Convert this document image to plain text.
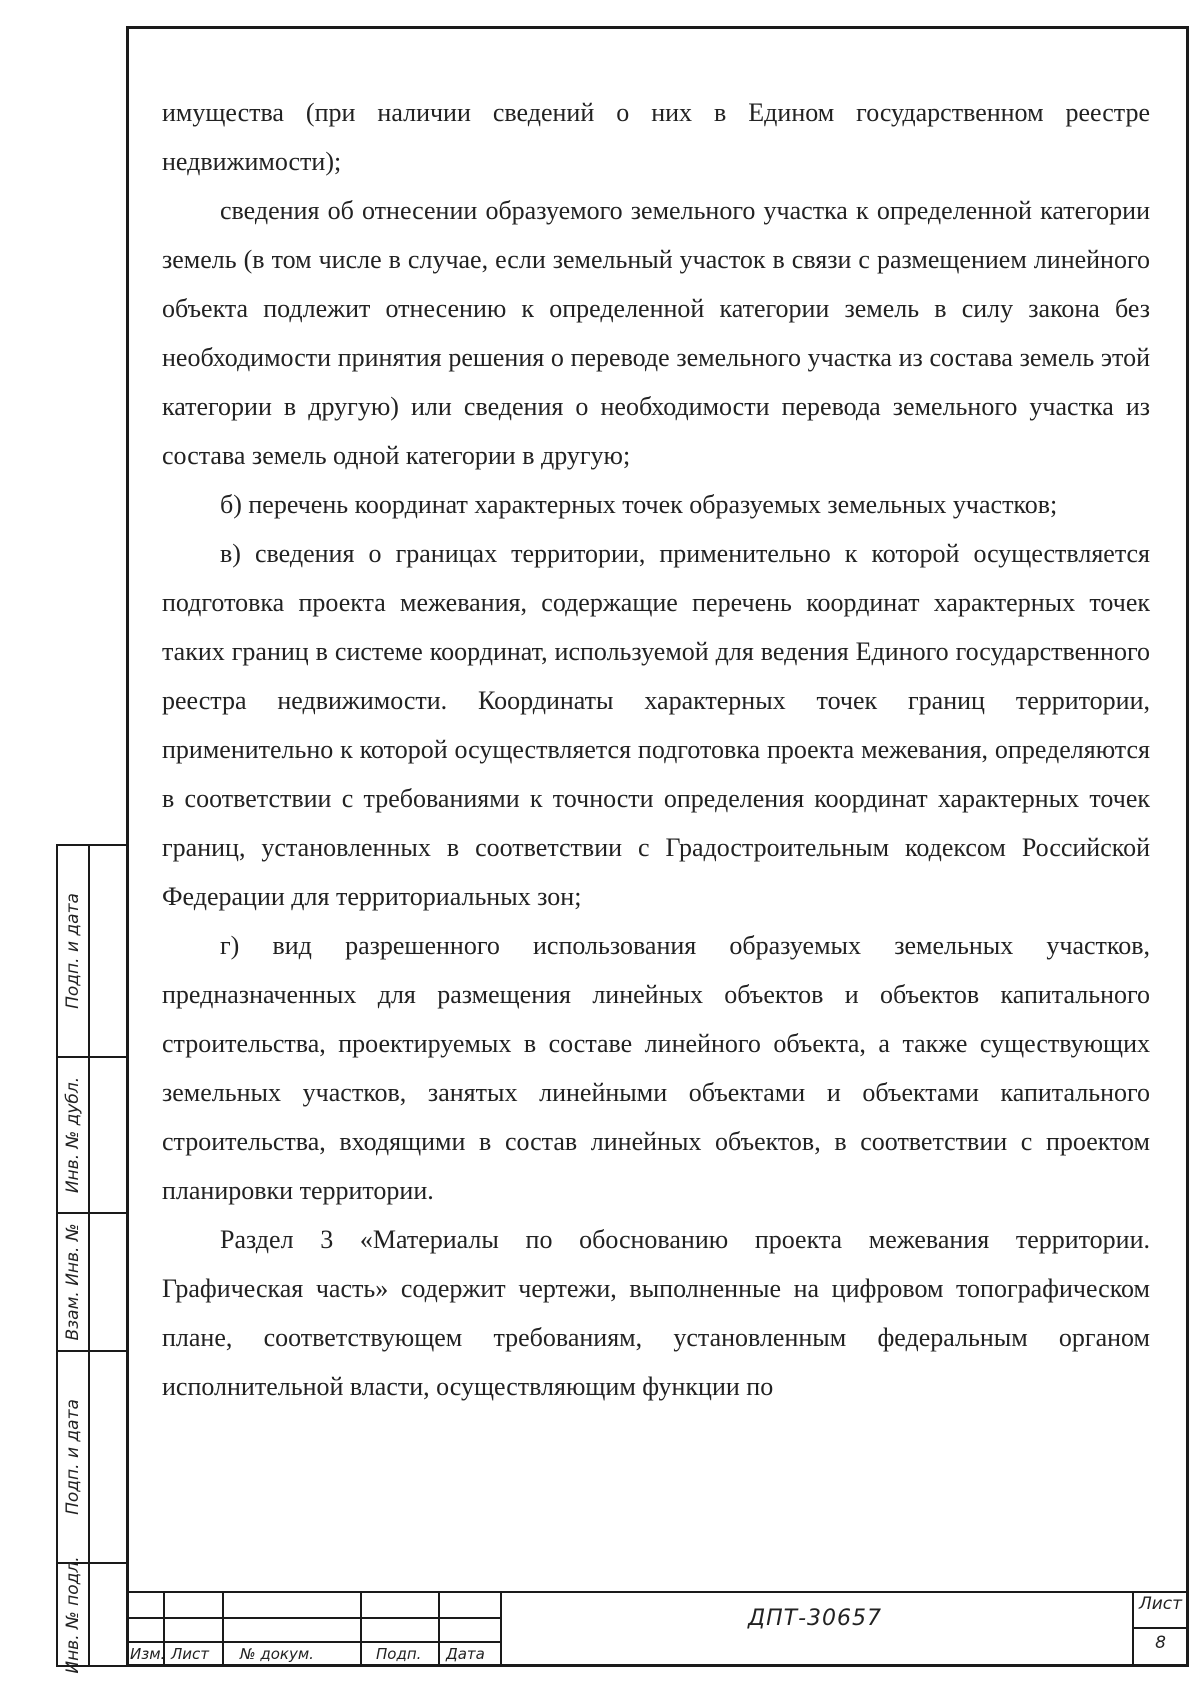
имущества (при наличии сведений о них в Едином государственном реестре недвижимости);

сведения об отнесении образуемого земельного участка к определенной категории земель (в том числе в случае, если земельный участок в связи с размещением линейного объекта подлежит отнесению к определенной категории земель в силу закона без необходимости принятия решения о переводе земельного участка из состава земель этой категории в другую) или сведения о необходимости перевода земельного участка из состава земель одной категории в другую;

б) перечень координат характерных точек образуемых земельных участков;

в) сведения о границах территории, применительно к которой осуществляется подготовка проекта межевания, содержащие перечень координат характерных точек таких границ в системе координат, используемой для ведения Единого государственного реестра недвижимости. Координаты характерных точек границ территории, применительно к которой осуществляется подготовка проекта межевания, определяются в соответствии с требованиями к точности определения координат характерных точек границ, установленных в соответствии с Градостроительным кодексом Российской Федерации для территориальных зон;

г) вид разрешенного использования образуемых земельных участков, предназначенных для размещения линейных объектов и объектов капитального строительства, проектируемых в составе линейного объекта, а также существующих земельных участков, занятых линейными объектами и объектами капитального строительства, входящими в состав линейных объектов, в соответствии с проектом планировки территории.

Раздел 3 «Материалы по обоснованию проекта межевания территории. Графическая часть» содержит чертежи, выполненные на цифровом топографическом плане, соответствующем требованиям, установленным федеральным органом исполнительной власти, осуществляющим функции по

Подп. и дата
Инв. № дубл.
Взам. Инв. №
Подп. и дата
Инв. № подл.	Изм. Лист № докум.	Подп. Дата
ДПТ-30657
Лист
8
